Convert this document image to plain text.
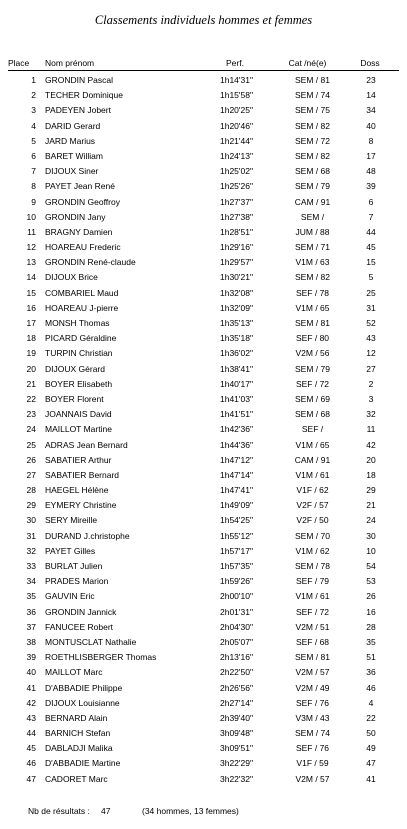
Classements individuels hommes et femmes
Place Nom prénom	Perf.	Cat /né(e)	Doss
1 GRONDIN Pascal	1h14'31"	SEM / 81	23
2 TECHER Dominique	1h15'58"	SEM / 74	14
3 PADEYEN Jobert	1h20'25"	SEM / 75	34
4 DARID Gerard	1h20'46"	SEM / 82	40
5 JARD Marius	1h21'44"	SEM / 72	8
6 BARET William	1h24'13"	SEM / 82	17
7 DIJOUX Siner	1h25'02"	SEM / 68	48
8 PAYET Jean René	1h25'26"	SEM / 79	39
9 GRONDIN Geoffroy	1h27'37"	CAM / 91	6
10 GRONDIN Jany	1h27'38"	SEM /	7
11 BRAGNY Damien	1h28'51"	JUM / 88	44
12 HOAREAU Frederic	1h29'16"	SEM / 71	45
13 GRONDIN René-claude	1h29'57"	V1M / 63	15
14 DIJOUX Brice	1h30'21"	SEM / 82	5
15 COMBARIEL Maud	1h32'08"	SEF / 78	25
16 HOAREAU J-pierre	1h32'09"	V1M / 65	31
17 MONSH Thomas	1h35'13"	SEM / 81	52
18 PICARD Géraldine	1h35'18"	SEF / 80	43
19 TURPIN Christian	1h36'02"	V2M / 56	12
20 DIJOUX Gérard	1h38'41"	SEM / 79	27
21 BOYER Elisabeth	1h40'17"	SEF / 72	2
22 BOYER Florent	1h41'03"	SEM / 69	3
23 JOANNAIS David	1h41'51"	SEM / 68	32
24 MAILLOT Martine	1h42'36"	SEF /	11
25 ADRAS Jean Bernard	1h44'36"	V1M / 65	42
26 SABATIER Arthur	1h47'12"	CAM / 91	20
27 SABATIER Bernard	1h47'14"	V1M / 61	18
28 HAEGEL Hélène	1h47'41"	V1F / 62	29
29 EYMERY Christine	1h49'09"	V2F / 57	21
30 SERY Mireille	1h54'25"	V2F / 50	24
31 DURAND J.christophe	1h55'12"	SEM / 70	30
32 PAYET Gilles	1h57'17"	V1M / 62	10
33 BURLAT Julien	1h57'35"	SEM / 78	54
34 PRADES Marion	1h59'26"	SEF / 79	53
35 GAUVIN Eric	2h00'10"	V1M / 61	26
36 GRONDIN Jannick	2h01'31"	SEF / 72	16
37 FANUCEE Robert	2h04'30"	V2M / 51	28
38 MONTUSCLAT Nathalie	2h05'07"	SEF / 68	35
39 ROETHLISBERGER Thomas	2h13'16"	SEM / 81	51
40 MAILLOT Marc	2h22'50"	V2M / 57	36
41 D'ABBADIE Philippe	2h26'56"	V2M / 49	46
42 DIJOUX Louisianne	2h27'14"	SEF / 76	4
43 BERNARD Alain	2h39'40"	V3M / 43	22
44 BARNICH Stefan	3h09'48"	SEM / 74	50
45 DABLADJI Malika	3h09'51"	SEF / 76	49
46 D'ABBADIE Martine	3h22'29"	V1F / 59	47
47 CADORET Marc	3h22'32"	V2M / 57	41
Nb de résultats : 47	(34 hommes, 13 femmes)
